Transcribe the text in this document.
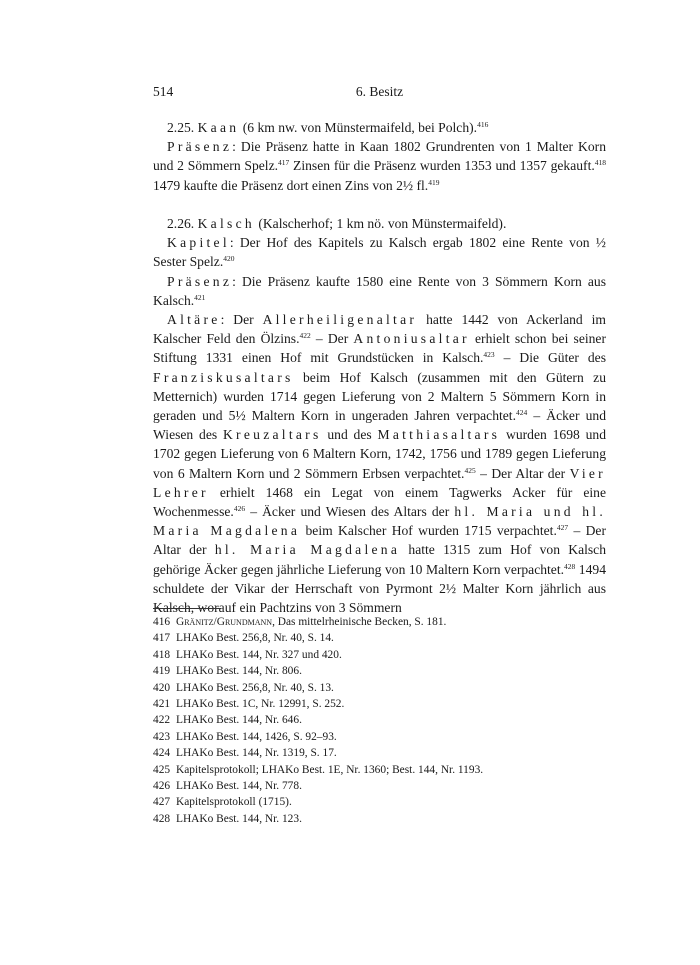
514	6. Besitz

2.25. Kaan (6 km nw. von Münstermaifeld, bei Polch).$^{416}$

Präsenz: Die Präsenz hatte in Kaan 1802 Grundrenten von 1 Malter Korn und 2 Sömmern Spelz.$^{417}$ Zinsen für die Präsenz wurden 1353 und 1357 gekauft.$^{418}$ 1479 kaufte die Präsenz dort einen Zins von 2½ fl.$^{419}$

2.26. Kalsch (Kalscherhof; 1 km nö. von Münstermaifeld).

Kapitel: Der Hof des Kapitels zu Kalsch ergab 1802 eine Rente von ½ Sester Spelz.$^{420}$

Präsenz: Die Präsenz kaufte 1580 eine Rente von 3 Sömmern Korn aus Kalsch.$^{421}$

Altäre: Der Allerheiligenaltar hatte 1442 von Ackerland im Kalscher Feld den Ölzins.$^{422}$ – Der Antoniusaltar erhielt schon bei seiner Stiftung 1331 einen Hof mit Grundstücken in Kalsch.$^{423}$ – Die Güter des Franziskusaltars beim Hof Kalsch (zusammen mit den Gütern zu Metternich) wurden 1714 gegen Lieferung von 2 Maltern 5 Sömmern Korn in geraden und 5½ Maltern Korn in ungeraden Jahren verpachtet.$^{424}$ – Äcker und Wiesen des Kreuzaltars und des Matthiasaltars wurden 1698 und 1702 gegen Lieferung von 6 Maltern Korn, 1742, 1756 und 1789 gegen Lieferung von 6 Maltern Korn und 2 Sömmern Erbsen verpachtet.$^{425}$ – Der Altar der Vier Lehrer erhielt 1468 ein Legat von einem Tagwerks Acker für eine Wochenmesse.$^{426}$ – Äcker und Wiesen des Altars der hl. Maria und hl. Maria Magdalena beim Kalscher Hof wurden 1715 verpachtet.$^{427}$ – Der Altar der hl. Maria Magdalena hatte 1315 zum Hof von Kalsch gehörige Äcker gegen jährliche Lieferung von 10 Maltern Korn verpachtet.$^{428}$ 1494 schuldete der Vikar der Herrschaft von Pyrmont 2½ Malter Korn jährlich aus Kalsch, worauf ein Pachtzins von 3 Sömmern

416 Gränitz/Grundmann, Das mittelrheinische Becken, S. 181.
417 LHAKo Best. 256,8, Nr. 40, S. 14.
418 LHAKo Best. 144, Nr. 327 und 420.
419 LHAKo Best. 144, Nr. 806.
420 LHAKo Best. 256,8, Nr. 40, S. 13.
421 LHAKo Best. 1C, Nr. 12991, S. 252.
422 LHAKo Best. 144, Nr. 646.
423 LHAKo Best. 144, 1426, S. 92–93.
424 LHAKo Best. 144, Nr. 1319, S. 17.
425 Kapitelsprotokoll; LHAKo Best. 1E, Nr. 1360; Best. 144, Nr. 1193.
426 LHAKo Best. 144, Nr. 778.
427 Kapitelsprotokoll (1715).
428 LHAKo Best. 144, Nr. 123.
